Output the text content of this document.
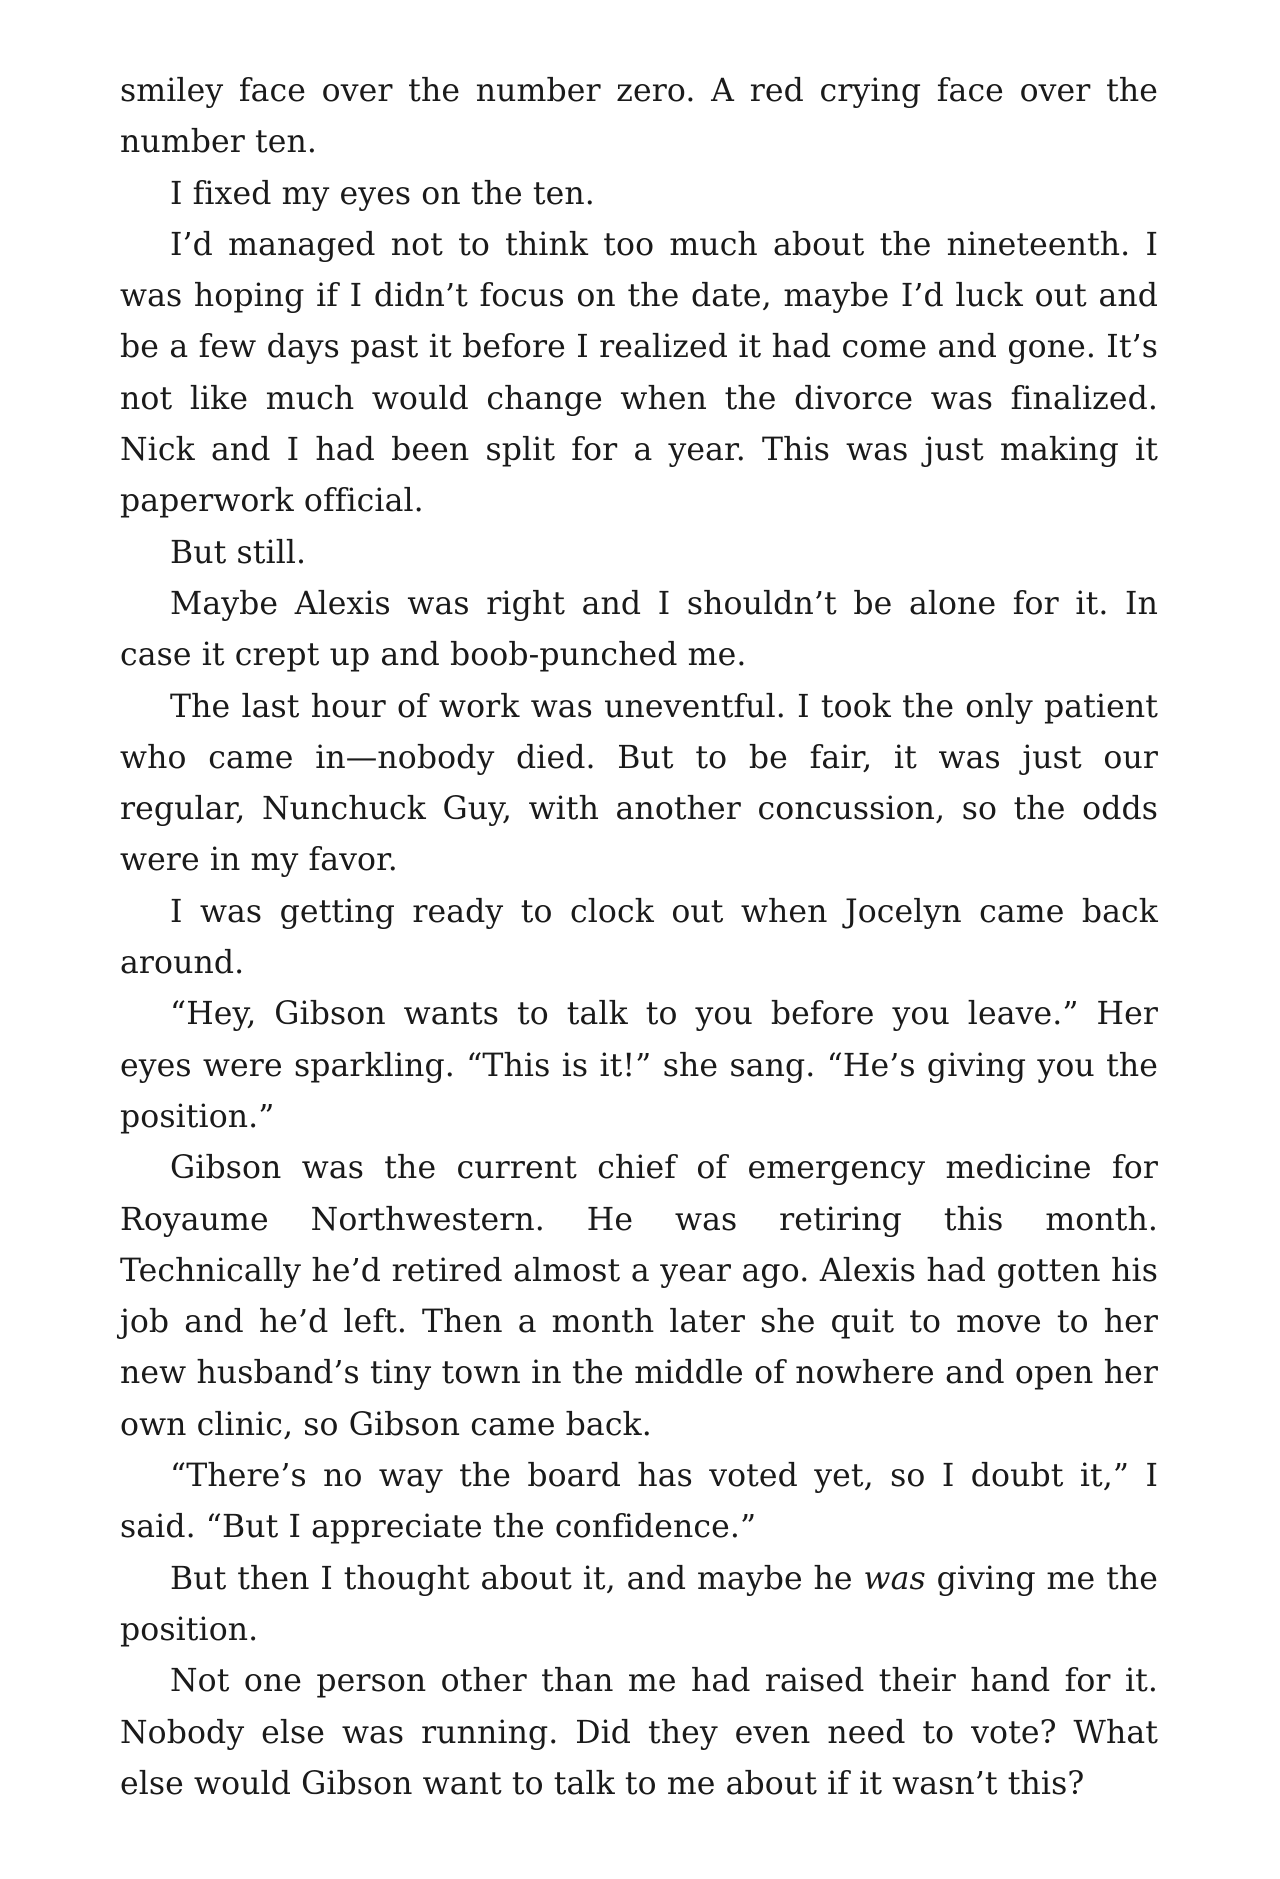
smiley face over the number zero. A red crying face over the number ten.

I fixed my eyes on the ten.

I’d managed not to think too much about the nineteenth. I was hoping if I didn’t focus on the date, maybe I’d luck out and be a few days past it before I realized it had come and gone. It’s not like much would change when the divorce was finalized. Nick and I had been split for a year. This was just making it paperwork official.

But still.

Maybe Alexis was right and I shouldn’t be alone for it. In case it crept up and boob-punched me.

The last hour of work was uneventful. I took the only patient who came in—nobody died. But to be fair, it was just our regular, Nunchuck Guy, with another concussion, so the odds were in my favor.

I was getting ready to clock out when Jocelyn came back around.

“Hey, Gibson wants to talk to you before you leave.” Her eyes were sparkling. “This is it!” she sang. “He’s giving you the position.”

Gibson was the current chief of emergency medicine for Royaume Northwestern. He was retiring this month. Technically he’d retired almost a year ago. Alexis had gotten his job and he’d left. Then a month later she quit to move to her new husband’s tiny town in the middle of nowhere and open her own clinic, so Gibson came back.

“There’s no way the board has voted yet, so I doubt it,” I said. “But I appreciate the confidence.”

But then I thought about it, and maybe he was giving me the position.

Not one person other than me had raised their hand for it. Nobody else was running. Did they even need to vote? What else would Gibson want to talk to me about if it wasn’t this?
